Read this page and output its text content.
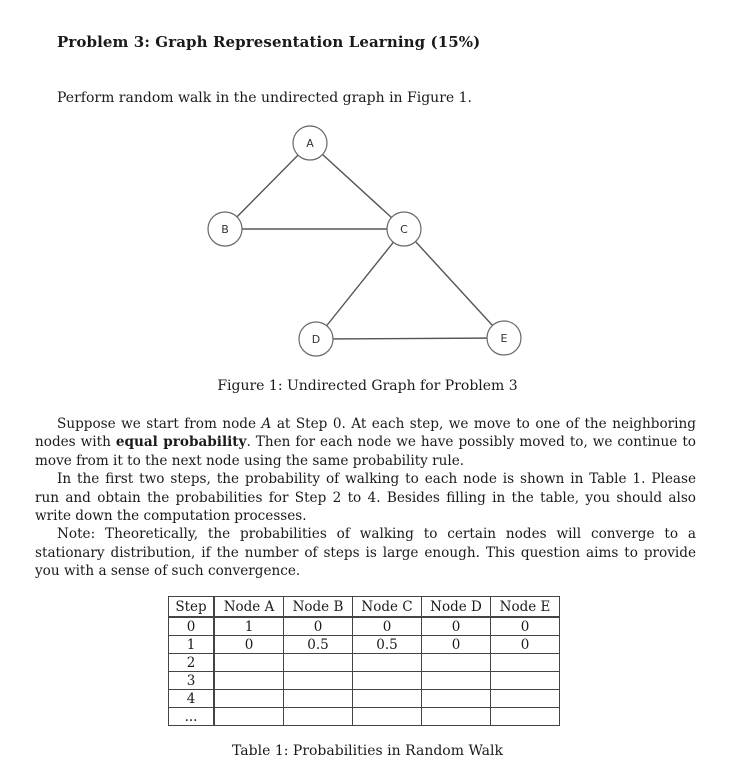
Problem 3: Graph Representation Learning (15%)
Perform random walk in the undirected graph in Figure 1.
A
B	C
D	E
Figure 1: Undirected Graph for Problem 3

Suppose we start from node A at Step 0. At each step, we move to one of the neighboring nodes with equal probability. Then for each node we have possibly moved to, we continue to move from it to the next node using the same probability rule.

In the first two steps, the probability of walking to each node is shown in Table 1. Please run and obtain the probabilities for Step 2 to 4. Besides filling in the table, you should also write down the computation processes.

Note: Theoretically, the probabilities of walking to certain nodes will converge to a stationary distribution, if the number of steps is large enough. This question aims to provide you with a sense of such convergence.

Step	Node A	Node B	Node C	Node D	Node E
0	1	0	0	0	0
1	0	0.5	0.5	0	0
2					
3					
4					
...					
Table 1: Probabilities in Random Walk
